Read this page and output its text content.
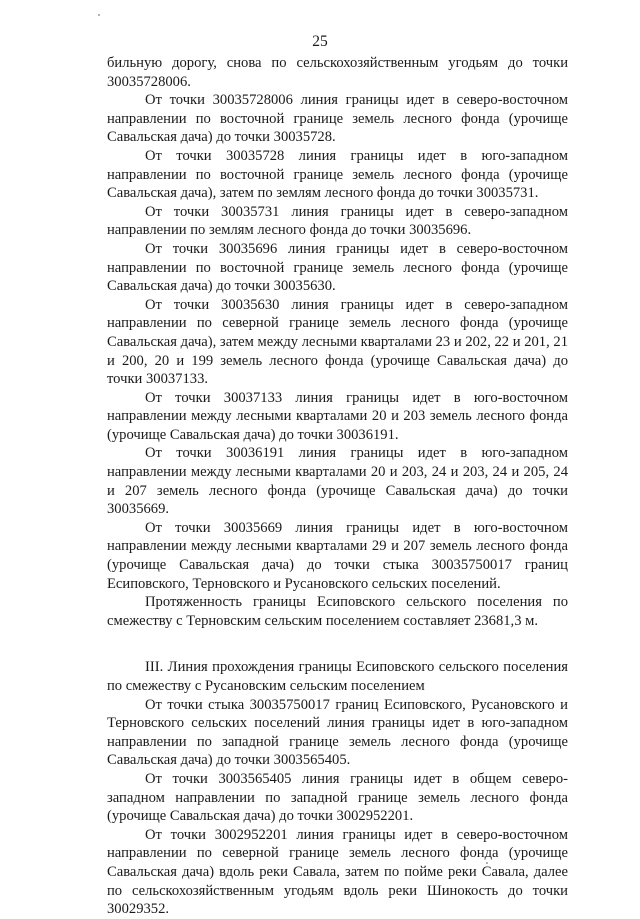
25

бильную дорогу, снова по сельскохозяйственным угодьям до точки 30035728006.

От точки 30035728006 линия границы идет в северо-восточном направлении по восточной границе земель лесного фонда (урочище Савальская дача) до точки 30035728.

От точки 30035728 линия границы идет в юго-западном направлении по восточной границе земель лесного фонда (урочище Савальская дача), затем по землям лесного фонда до точки 30035731.

От точки 30035731 линия границы идет в северо-западном направлении по землям лесного фонда до точки 30035696.

От точки 30035696 линия границы идет в северо-восточном направлении по восточной границе земель лесного фонда (урочище Савальская дача) до точки 30035630.

От точки 30035630 линия границы идет в северо-западном направлении по северной границе земель лесного фонда (урочище Савальская дача), затем между лесными кварталами 23 и 202, 22 и 201, 21 и 200, 20 и 199 земель лесного фонда (урочище Савальская дача) до точки 30037133.

От точки 30037133 линия границы идет в юго-восточном направлении между лесными кварталами 20 и 203 земель лесного фонда (урочище Савальская дача) до точки 30036191.

От точки 30036191 линия границы идет в юго-западном направлении между лесными кварталами 20 и 203, 24 и 203, 24 и 205, 24 и 207 земель лесного фонда (урочище Савальская дача) до точки 30035669.

От точки 30035669 линия границы идет в юго-восточном направлении между лесными кварталами 29 и 207 земель лесного фонда (урочище Савальская дача) до точки стыка 30035750017 границ Есиповского, Терновского и Русановского сельских поселений.

Протяженность границы Есиповского сельского поселения по смежеству с Терновским сельским поселением составляет 23681,3 м.

III. Линия прохождения границы Есиповского сельского поселения по смежеству с Русановским сельским поселением

От точки стыка 30035750017 границ Есиповского, Русановского и Терновского сельских поселений линия границы идет в юго-западном направлении по западной границе земель лесного фонда (урочище Савальская дача) до точки 3003565405.

От точки 3003565405 линия границы идет в общем северо-западном направлении по западной границе земель лесного фонда (урочище Савальская дача) до точки 3002952201.

От точки 3002952201 линия границы идет в северо-восточном направлении по северной границе земель лесного фонда (урочище Савальская дача) вдоль реки Савала, затем по пойме реки Савала, далее по сельскохозяйственным угодьям вдоль реки Шинокость до точки 30029352.
